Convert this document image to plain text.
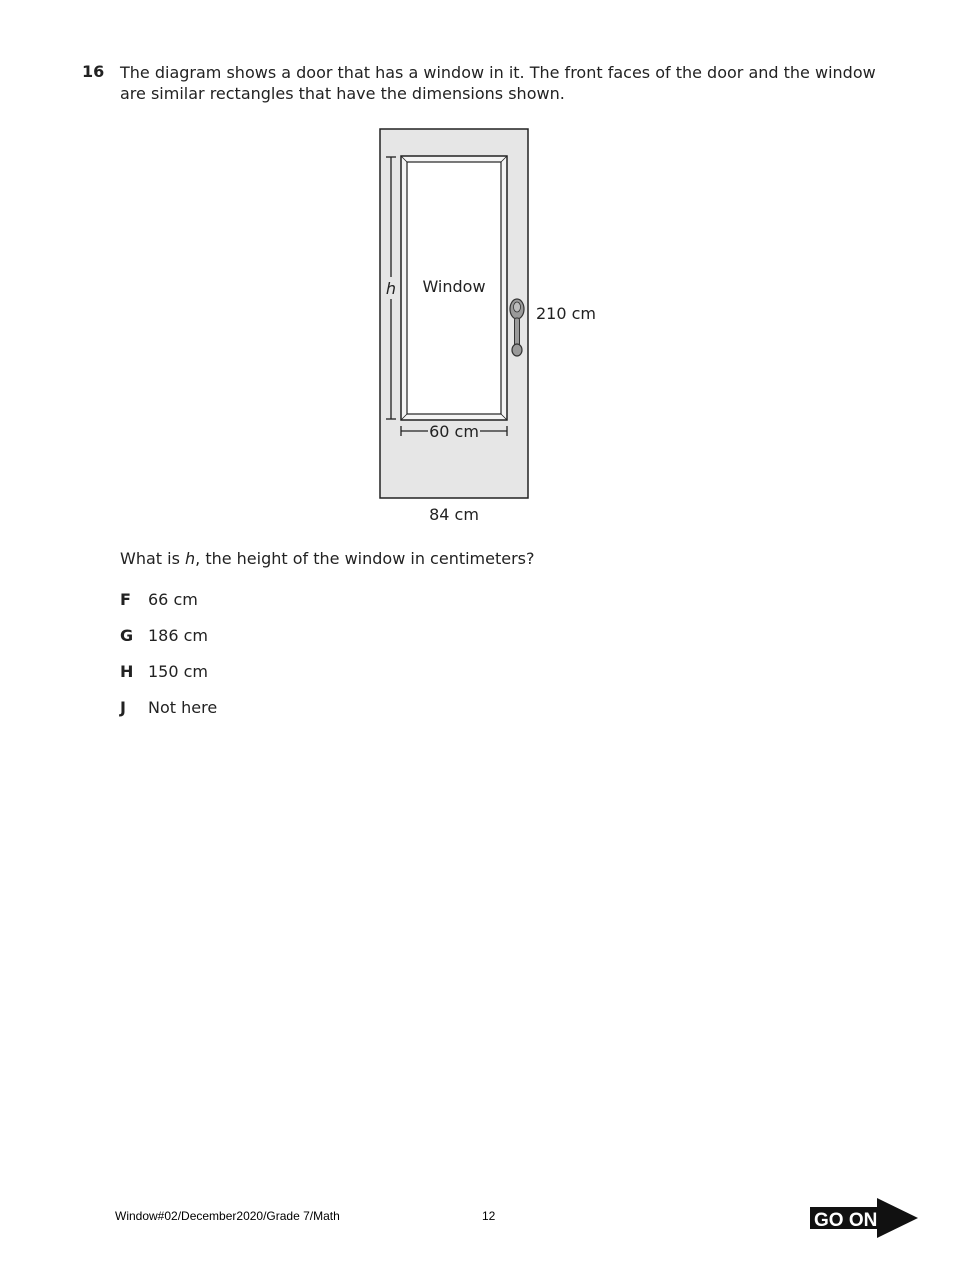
16 The diagram shows a door that has a window in it. The front faces of the door and the window are similar rectangles that have the dimensions shown.
h Window
60 cm
210 cm
84 cm
What is h, the height of the window in centimeters?
F 66 cm
G 186 cm
H 150 cm
J Not here
Window#02/December2020/Grade 7/Math	12	GO ON
